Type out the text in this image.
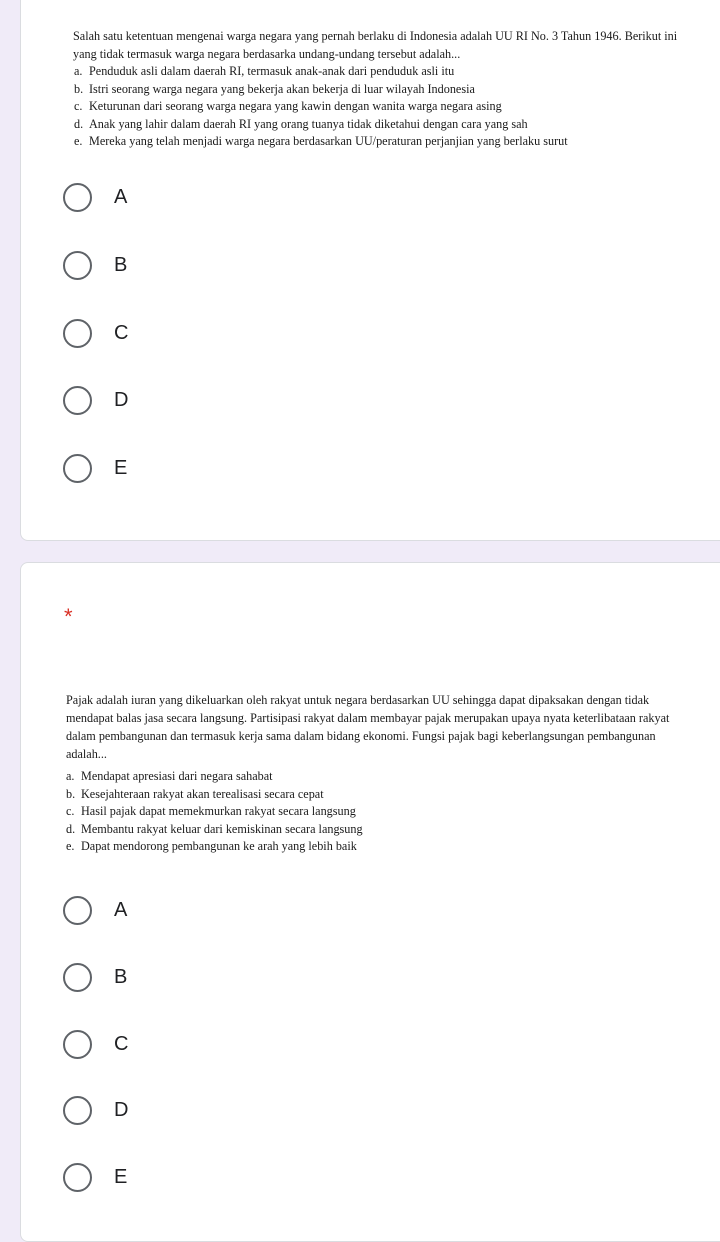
Salah satu ketentuan mengenai warga negara yang pernah berlaku di Indonesia adalah UU RI No. 3 Tahun 1946. Berikut ini yang tidak termasuk warga negara berdasarka undang-undang tersebut adalah...

a. Penduduk asli dalam daerah RI, termasuk anak-anak dari penduduk asli itu
b. Istri seorang warga negara yang bekerja akan bekerja di luar wilayah Indonesia
c. Keturunan dari seorang warga negara yang kawin dengan wanita warga negara asing
d. Anak yang lahir dalam daerah RI yang orang tuanya tidak diketahui dengan cara yang sah
e. Mereka yang telah menjadi warga negara berdasarkan UU/peraturan perjanjian yang berlaku surut
A
B
C
D
E
*

Pajak adalah iuran yang dikeluarkan oleh rakyat untuk negara berdasarkan UU sehingga dapat dipaksakan dengan tidak mendapat balas jasa secara langsung. Partisipasi rakyat dalam membayar pajak merupakan upaya nyata keterlibataan rakyat dalam pembangunan dan termasuk kerja sama dalam bidang ekonomi. Fungsi pajak bagi keberlangsungan pembangunan adalah...

a. Mendapat apresiasi dari negara sahabat
b. Kesejahteraan rakyat akan terealisasi secara cepat
c. Hasil pajak dapat memekmurkan rakyat secara langsung
d. Membantu rakyat keluar dari kemiskinan secara langsung
e. Dapat mendorong pembangunan ke arah yang lebih baik
A
B
C
D
E
